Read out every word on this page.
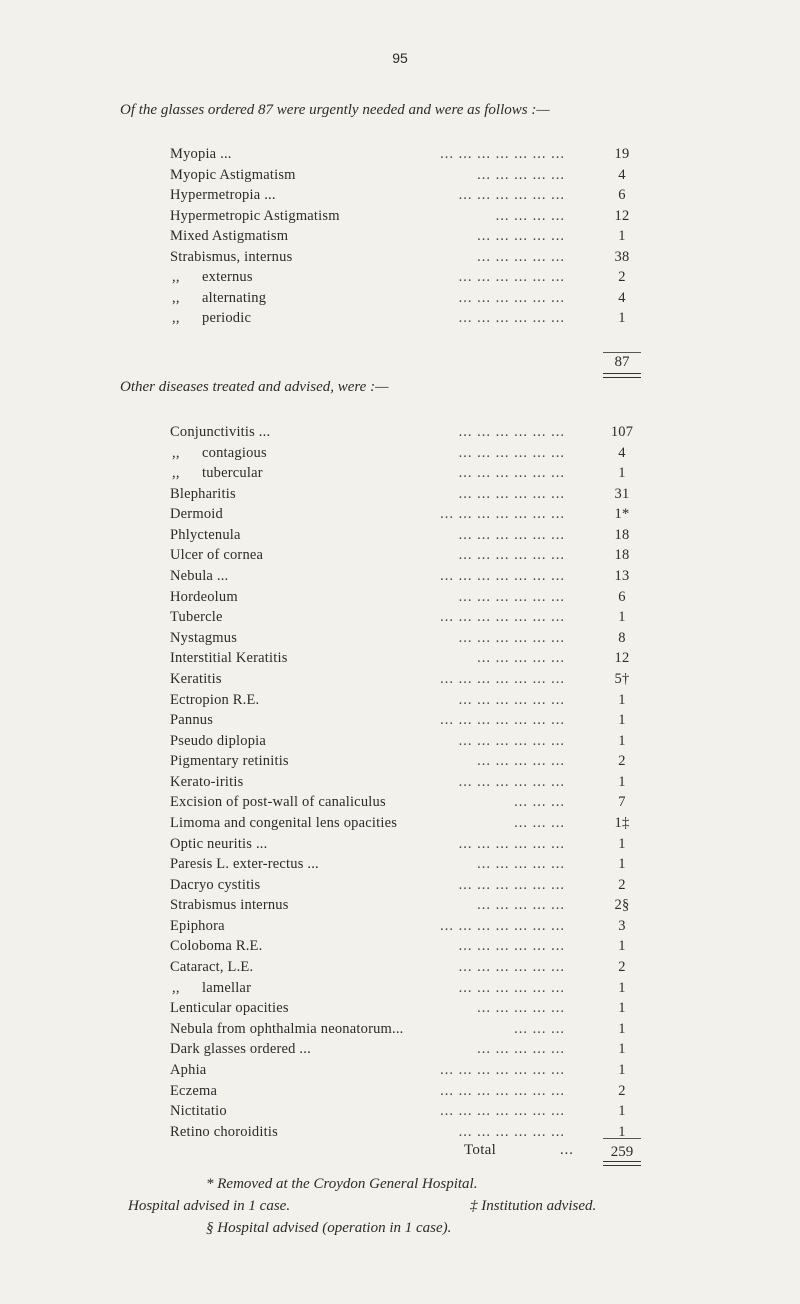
95
Of the glasses ordered 87 were urgently needed and were as follows :—
Myopia ...	... ... ... ... ... ... ...	19
Myopic Astigmatism	... ... ... ... ...	4
Hypermetropia ...	... ... ... ... ... ...	6
Hypermetropic Astigmatism	... ... ... ...	12
Mixed Astigmatism	... ... ... ... ...	1
Strabismus, internus	... ... ... ... ...	38
,, externus	... ... ... ... ... ...	2
,, alternating	... ... ... ... ... ...	4
,, periodic	... ... ... ... ... ...	1
87
Other diseases treated and advised, were :—
Conjunctivitis ...	... ... ... ... ... ...	107
,, contagious	... ... ... ... ... ...	4
,, tubercular	... ... ... ... ... ...	1
Blepharitis	... ... ... ... ... ...	31
Dermoid	... ... ... ... ... ... ...	1*
Phlyctenula	... ... ... ... ... ...	18
Ulcer of cornea	... ... ... ... ... ...	18
Nebula ...	... ... ... ... ... ... ...	13
Hordeolum	... ... ... ... ... ...	6
Tubercle	... ... ... ... ... ... ...	1
Nystagmus	... ... ... ... ... ...	8
Interstitial Keratitis	... ... ... ... ...	12
Keratitis	... ... ... ... ... ... ...	5†
Ectropion R.E.	... ... ... ... ... ...	1
Pannus	... ... ... ... ... ... ...	1
Pseudo diplopia	... ... ... ... ... ...	1
Pigmentary retinitis	... ... ... ... ...	2
Kerato-iritis	... ... ... ... ... ...	1
Excision of post-wall of canaliculus	... ... ...	7
Limoma and congenital lens opacities	... ... ...	1‡
Optic neuritis ...	... ... ... ... ... ...	1
Paresis L. exter-rectus ...	... ... ... ... ...	1
Dacryo cystitis	... ... ... ... ... ...	2
Strabismus internus	... ... ... ... ...	2§
Epiphora	... ... ... ... ... ... ...	3
Coloboma R.E.	... ... ... ... ... ...	1
Cataract, L.E.	... ... ... ... ... ...	2
,, lamellar	... ... ... ... ... ...	1
Lenticular opacities	... ... ... ... ...	1
Nebula from ophthalmia neonatorum...	... ... ...	1
Dark glasses ordered ...	... ... ... ... ...	1
Aphia	... ... ... ... ... ... ...	1
Eczema	... ... ... ... ... ... ...	2
Nictitatio	... ... ... ... ... ... ...	1
Retino choroiditis	... ... ... ... ... ...	1
Total	...	259
* Removed at the Croydon General Hospital.
Hospital advised in 1 case.	‡ Institution advised.
§ Hospital advised (operation in 1 case).
